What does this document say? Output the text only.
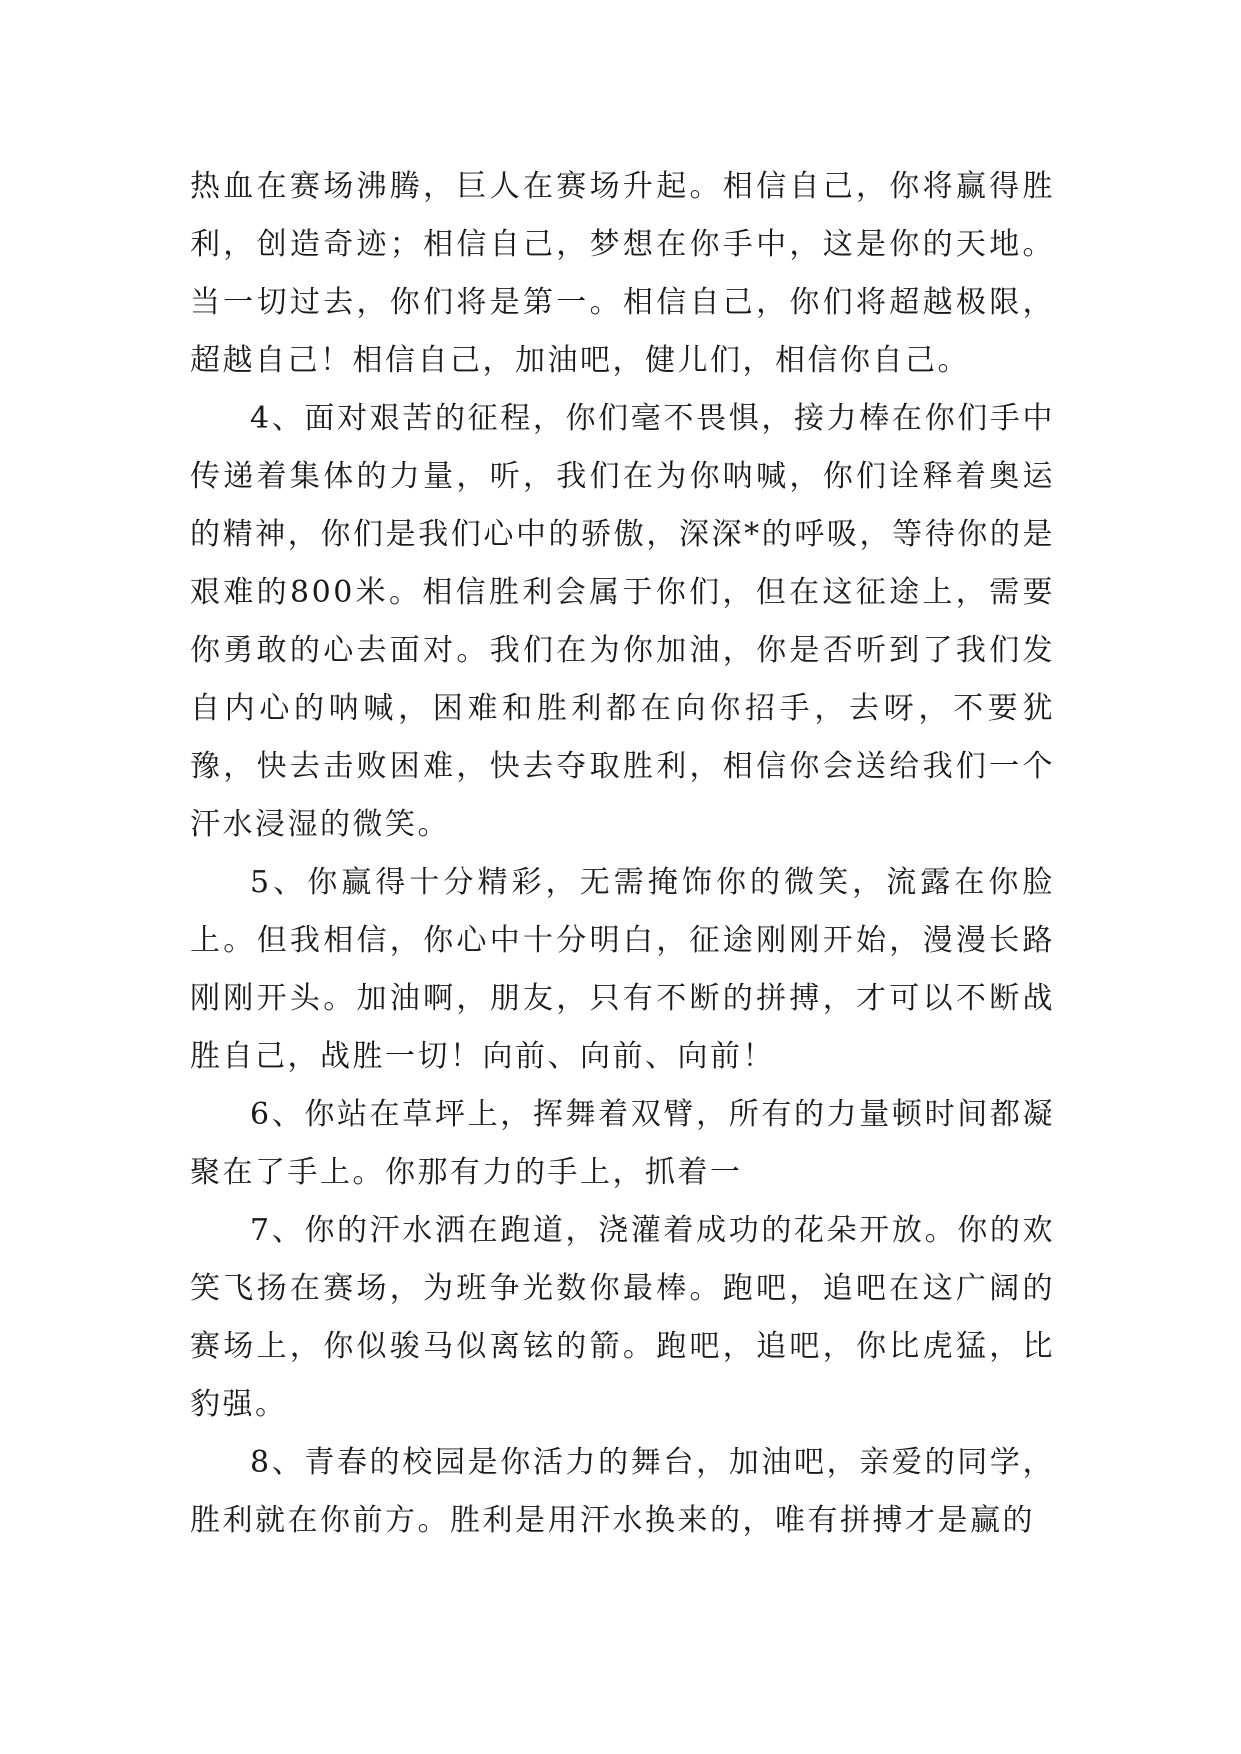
热血在赛场沸腾，巨人在赛场升起。相信自己，你将赢得胜利，创造奇迹；相信自己，梦想在你手中，这是你的天地。当一切过去，你们将是第一。相信自己，你们将超越极限，超越自己！相信自己，加油吧，健儿们，相信你自己。

4、面对艰苦的征程，你们毫不畏惧，接力棒在你们手中传递着集体的力量，听，我们在为你呐喊，你们诠释着奥运的精神，你们是我们心中的骄傲，深深*的呼吸，等待你的是艰难的800米。相信胜利会属于你们，但在这征途上，需要你勇敢的心去面对。我们在为你加油，你是否听到了我们发自内心的呐喊，困难和胜利都在向你招手，去呀，不要犹豫，快去击败困难，快去夺取胜利，相信你会送给我们一个汗水浸湿的微笑。

5、你赢得十分精彩，无需掩饰你的微笑，流露在你脸上。但我相信，你心中十分明白，征途刚刚开始，漫漫长路刚刚开头。加油啊，朋友，只有不断的拼搏，才可以不断战胜自己，战胜一切！向前、向前、向前！

6、你站在草坪上，挥舞着双臂，所有的力量顿时间都凝聚在了手上。你那有力的手上，抓着一

7、你的汗水洒在跑道，浇灌着成功的花朵开放。你的欢笑飞扬在赛场，为班争光数你最棒。跑吧，追吧在这广阔的赛场上，你似骏马似离铉的箭。跑吧，追吧，你比虎猛，比豹强。

8、青春的校园是你活力的舞台，加油吧，亲爱的同学，胜利就在你前方。胜利是用汗水换来的，唯有拼搏才是赢的
